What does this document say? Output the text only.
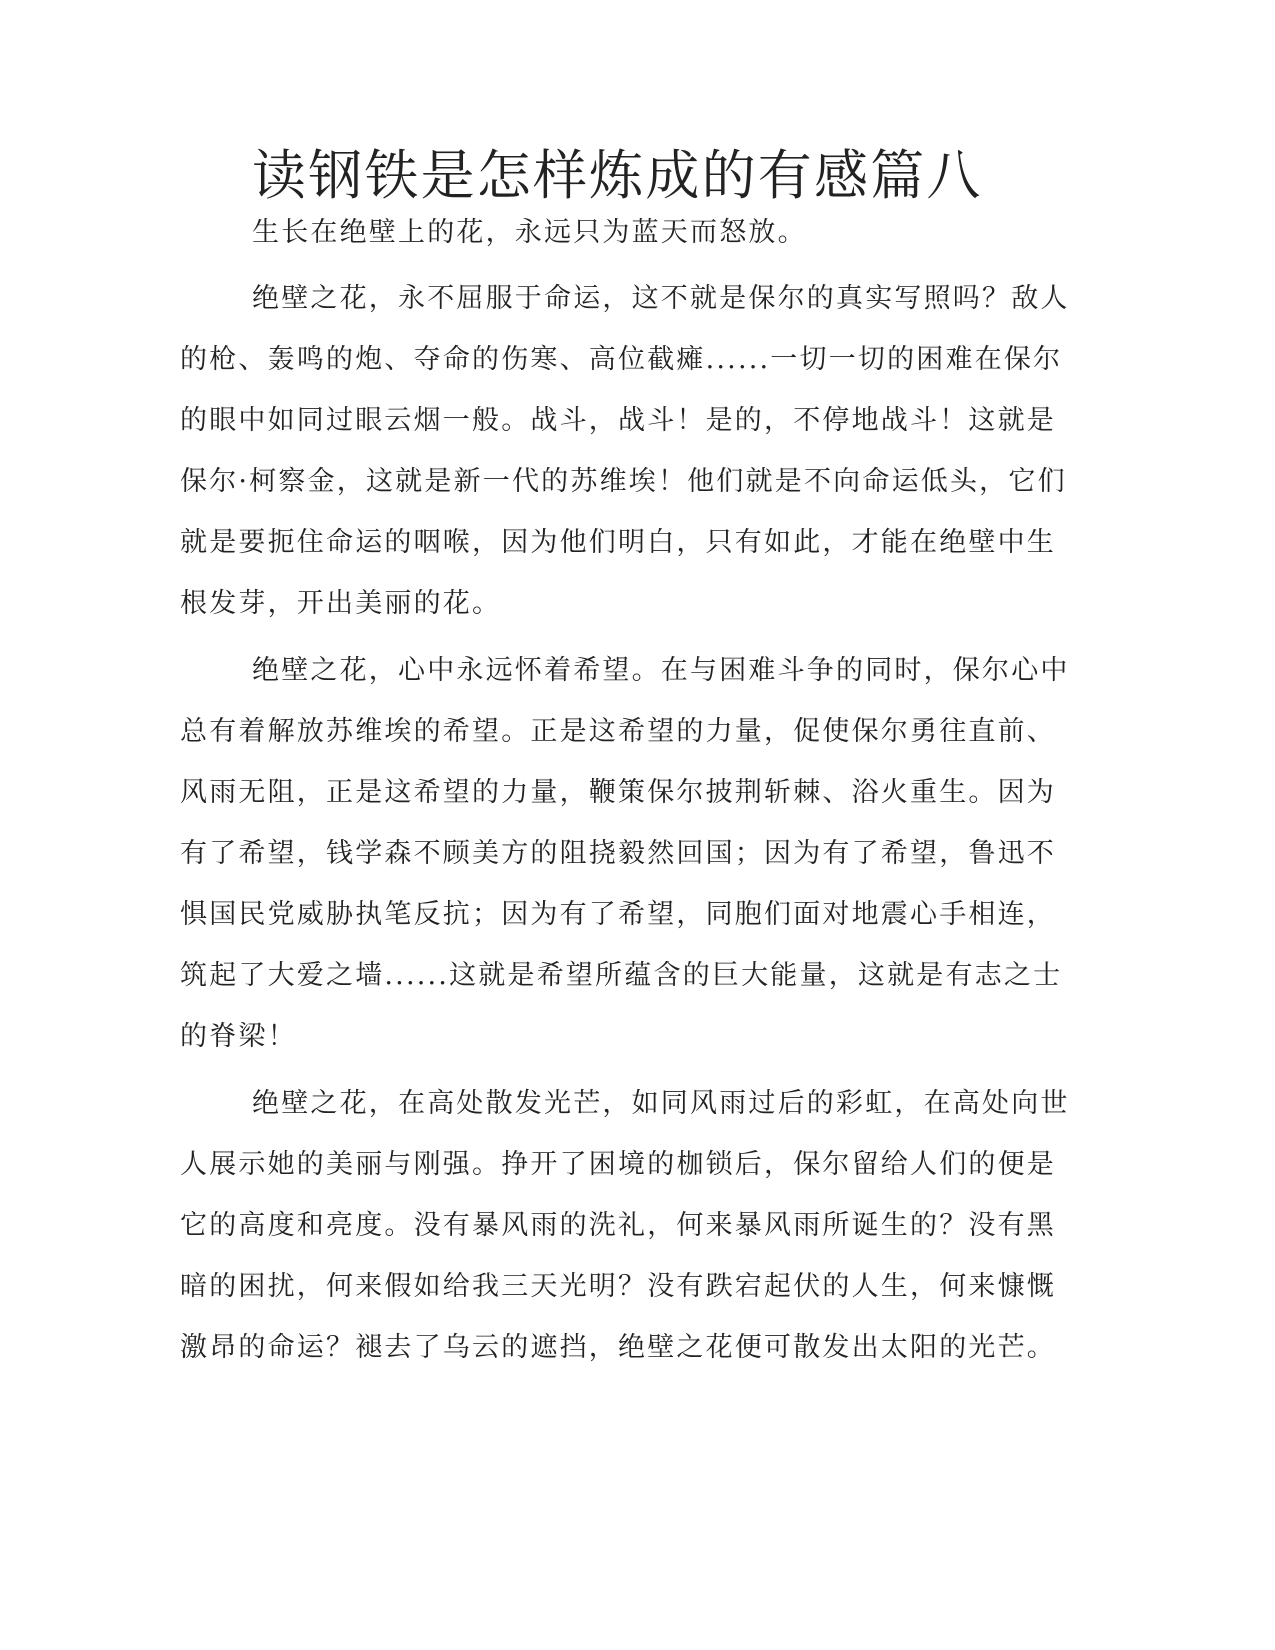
读钢铁是怎样炼成的有感篇八

生长在绝壁上的花，永远只为蓝天而怒放。

绝壁之花，永不屈服于命运，这不就是保尔的真实写照吗？敌人
的枪、轰鸣的炮、夺命的伤寒、高位截瘫......一切一切的困难在保尔
的眼中如同过眼云烟一般。战斗，战斗！是的，不停地战斗！这就是
保尔·柯察金，这就是新一代的苏维埃！他们就是不向命运低头，它们
就是要扼住命运的咽喉，因为他们明白，只有如此，才能在绝壁中生
根发芽，开出美丽的花。

绝壁之花，心中永远怀着希望。在与困难斗争的同时，保尔心中
总有着解放苏维埃的希望。正是这希望的力量，促使保尔勇往直前、
风雨无阻，正是这希望的力量，鞭策保尔披荆斩棘、浴火重生。因为
有了希望，钱学森不顾美方的阻挠毅然回国；因为有了希望，鲁迅不
惧国民党威胁执笔反抗；因为有了希望，同胞们面对地震心手相连，
筑起了大爱之墙......这就是希望所蕴含的巨大能量，这就是有志之士
的脊梁！

绝壁之花，在高处散发光芒，如同风雨过后的彩虹，在高处向世
人展示她的美丽与刚强。挣开了困境的枷锁后，保尔留给人们的便是
它的高度和亮度。没有暴风雨的洗礼，何来暴风雨所诞生的？没有黑
暗的困扰，何来假如给我三天光明？没有跌宕起伏的人生，何来慷慨
激昂的命运？褪去了乌云的遮挡，绝壁之花便可散发出太阳的光芒。
